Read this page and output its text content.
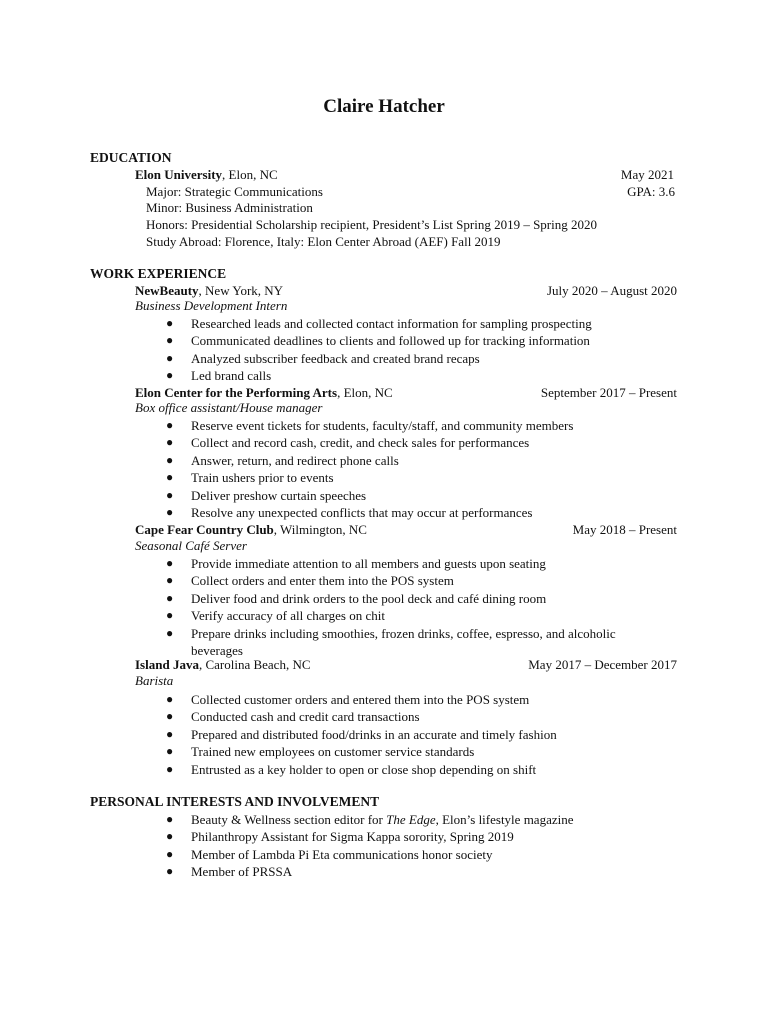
Claire Hatcher
EDUCATION
Elon University, Elon, NC	May 2021
Major: Strategic Communications	GPA: 3.6
Minor: Business Administration
Honors: Presidential Scholarship recipient, President’s List Spring 2019 – Spring 2020
Study Abroad: Florence, Italy: Elon Center Abroad (AEF) Fall 2019
WORK EXPERIENCE
NewBeauty, New York, NY	July 2020 – August 2020
Business Development Intern
● Researched leads and collected contact information for sampling prospecting
● Communicated deadlines to clients and followed up for tracking information
● Analyzed subscriber feedback and created brand recaps
● Led brand calls
Elon Center for the Performing Arts, Elon, NC	September 2017 – Present
Box office assistant/House manager
● Reserve event tickets for students, faculty/staff, and community members
● Collect and record cash, credit, and check sales for performances
● Answer, return, and redirect phone calls
● Train ushers prior to events
● Deliver preshow curtain speeches
● Resolve any unexpected conflicts that may occur at performances
Cape Fear Country Club, Wilmington, NC	May 2018 – Present
Seasonal Café Server
● Provide immediate attention to all members and guests upon seating
● Collect orders and enter them into the POS system
● Deliver food and drink orders to the pool deck and café dining room
● Verify accuracy of all charges on chit
● Prepare drinks including smoothies, frozen drinks, coffee, espresso, and alcoholic beverages
Island Java, Carolina Beach, NC	May 2017 – December 2017
Barista
● Collected customer orders and entered them into the POS system
● Conducted cash and credit card transactions
● Prepared and distributed food/drinks in an accurate and timely fashion
● Trained new employees on customer service standards
● Entrusted as a key holder to open or close shop depending on shift
PERSONAL INTERESTS AND INVOLVEMENT
● Beauty & Wellness section editor for The Edge, Elon’s lifestyle magazine
● Philanthropy Assistant for Sigma Kappa sorority, Spring 2019
● Member of Lambda Pi Eta communications honor society
● Member of PRSSA
